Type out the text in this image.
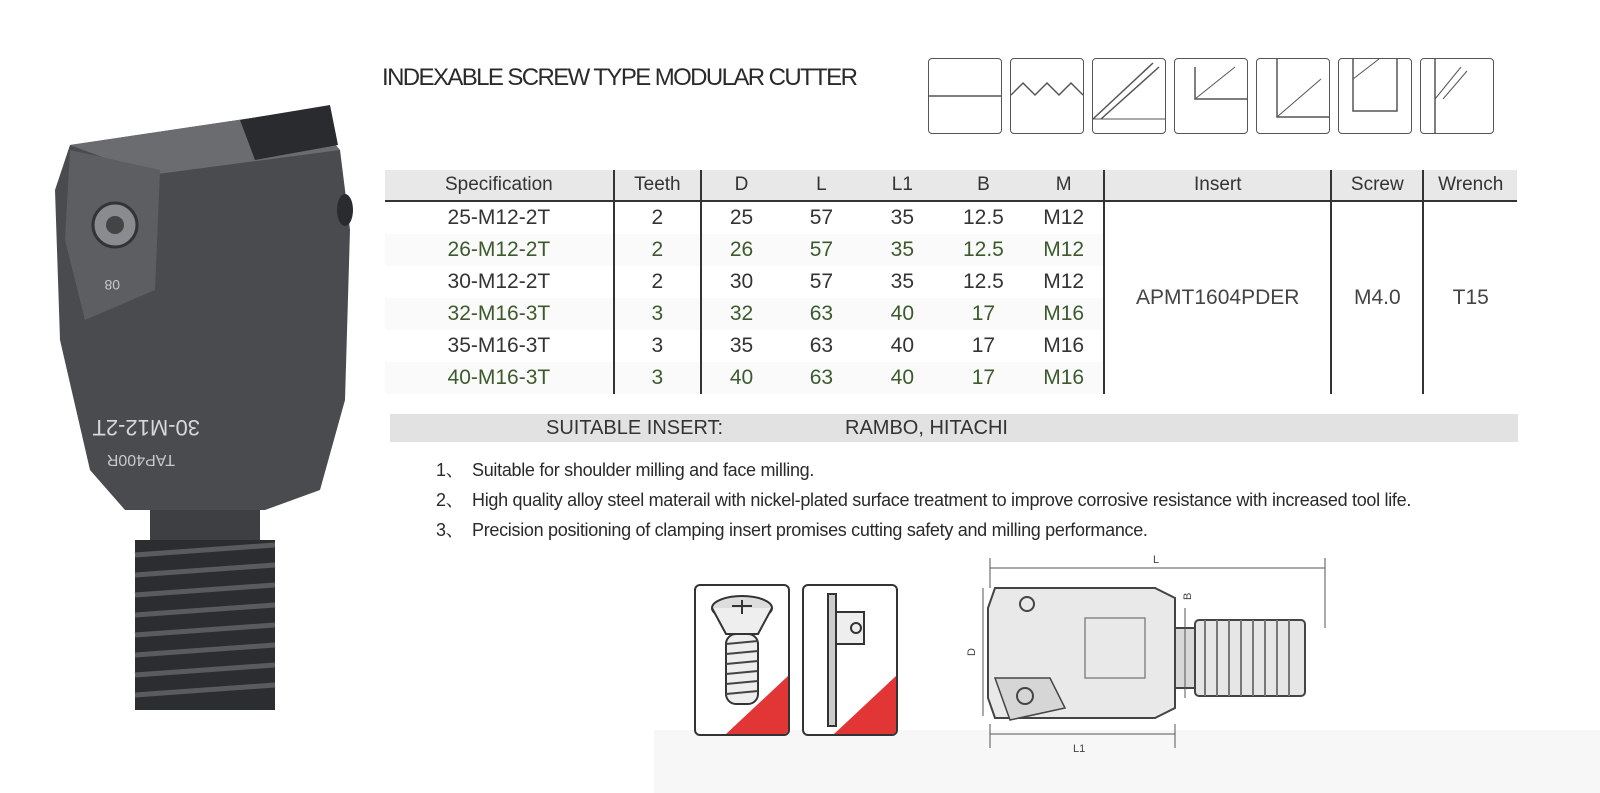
08
30-M12-2T
TAP400R
INDEXABLE SCREW TYPE MODULAR CUTTER
Specification	Teeth	D	L	L1	B	M	Insert	Screw	Wrench
25-M12-2T	2	25	57	35	12.5	M12	APMT1604PDER	M4.0	T15
26-M12-2T	2	26	57	35	12.5	M12			
30-M12-2T	2	30	57	35	12.5	M12			
32-M16-3T	3	32	63	40	17	M16			
35-M16-3T	3	35	63	40	17	M16			
40-M16-3T	3	40	63	40	17	M16			
SUITABLE INSERT:	RAMBO, HITACHI
1、 Suitable for shoulder milling and face milling.
2、 High quality alloy steel materail with nickel-plated surface treatment to improve corrosive resistance with increased tool life.
3、 Precision positioning of clamping insert promises cutting safety and milling performance.
L
D
B
L1
